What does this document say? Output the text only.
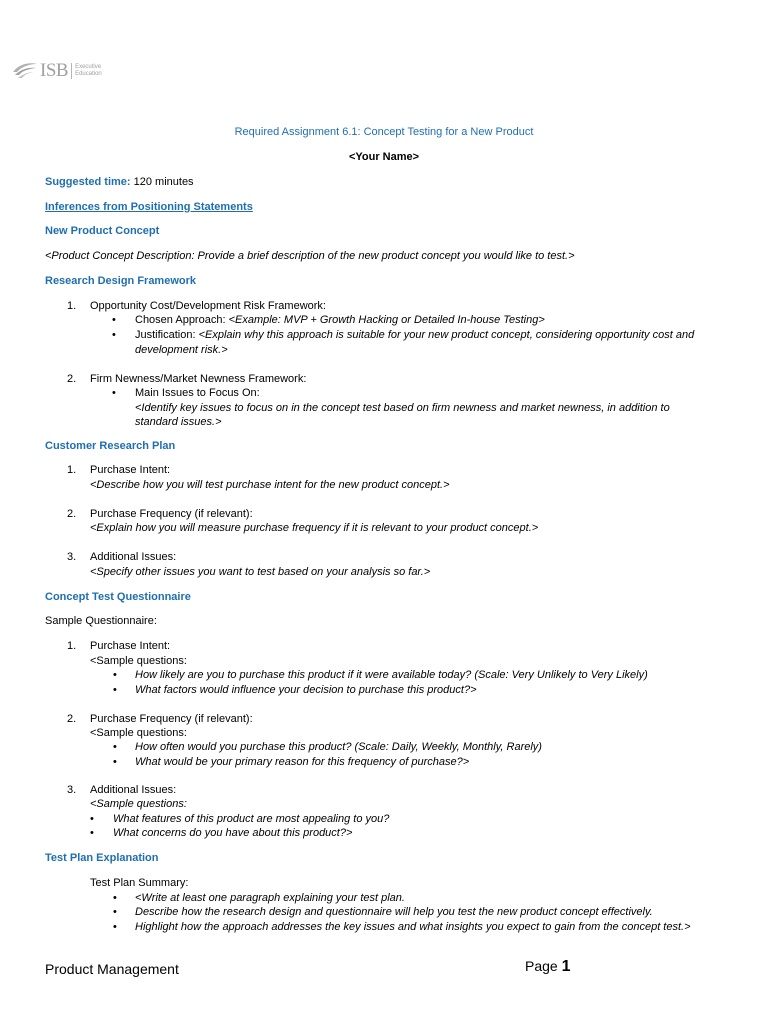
ISB Executive
Education
Required Assignment 6.1: Concept Testing for a New Product
<Your Name>
Suggested time: 120 minutes
Inferences from Positioning Statements
New Product Concept
<Product Concept Description: Provide a brief description of the new product concept you would like to test.>
Research Design Framework
1. Opportunity Cost/Development Risk Framework:
• Chosen Approach: <Example: MVP + Growth Hacking or Detailed In-house Testing>
• Justification: <Explain why this approach is suitable for your new product concept, considering opportunity cost and
development risk.>
2. Firm Newness/Market Newness Framework:
• Main Issues to Focus On:
<Identify key issues to focus on in the concept test based on firm newness and market newness, in addition to
standard issues.>
Customer Research Plan
1. Purchase Intent:
<Describe how you will test purchase intent for the new product concept.>
2. Purchase Frequency (if relevant):
<Explain how you will measure purchase frequency if it is relevant to your product concept.>
3. Additional Issues:
<Specify other issues you want to test based on your analysis so far.>
Concept Test Questionnaire
Sample Questionnaire:
1. Purchase Intent:
<Sample questions:
• How likely are you to purchase this product if it were available today? (Scale: Very Unlikely to Very Likely)
• What factors would influence your decision to purchase this product?>
2. Purchase Frequency (if relevant):
<Sample questions:
• How often would you purchase this product? (Scale: Daily, Weekly, Monthly, Rarely)
• What would be your primary reason for this frequency of purchase?>
3. Additional Issues:
<Sample questions:
• What features of this product are most appealing to you?
• What concerns do you have about this product?>
Test Plan Explanation
Test Plan Summary:
• <Write at least one paragraph explaining your test plan.
• Describe how the research design and questionnaire will help you test the new product concept effectively.
• Highlight how the approach addresses the key issues and what insights you expect to gain from the concept test.>
Product Management	Page 1
